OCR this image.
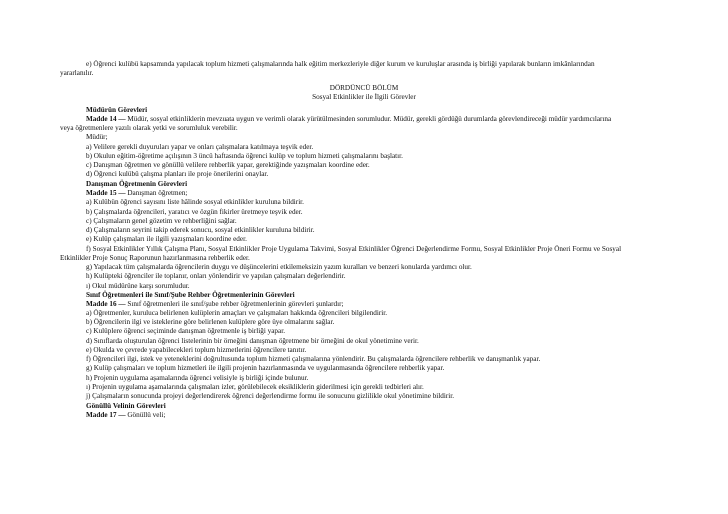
e) Öğrenci kulübü kapsamında yapılacak toplum hizmeti çalışmalarında halk eğitim merkezleriyle diğer kurum ve kuruluşlar arasında iş birliği yapılarak bunların imkânlarından
yararlanılır.
DÖRDÜNCÜ BÖLÜM
Sosyal Etkinlikler ile İlgili Görevler
Müdürün Görevleri
Madde 14 — Müdür, sosyal etkinliklerin mevzuata uygun ve verimli olarak yürütülmesinden sorumludur. Müdür, gerekli gördüğü durumlarda görevlendireceği müdür yardımcılarına
veya öğretmenlere yazılı olarak yetki ve sorumluluk verebilir.
Müdür;
a) Velilere gerekli duyuruları yapar ve onları çalışmalara katılmaya teşvik eder.
b) Okulun eğitim-öğretime açılışının 3 üncü haftasında öğrenci kulüp ve toplum hizmeti çalışmalarını başlatır.
c) Danışman öğretmen ve gönüllü velilere rehberlik yapar, gerektiğinde yazışmaları koordine eder.
d) Öğrenci kulübü çalışma planları ile proje önerilerini onaylar.
Danışman Öğretmenin Görevleri
Madde 15 — Danışman öğretmen;
a) Kulübün öğrenci sayısını liste hâlinde sosyal etkinlikler kuruluna bildirir.
b) Çalışmalarda öğrencileri, yaratıcı ve özgün fikirler üretmeye teşvik eder.
c) Çalışmaların genel gözetim ve rehberliğini sağlar.
d) Çalışmaların seyrini takip ederek sonucu, sosyal etkinlikler kuruluna bildirir.
e) Kulüp çalışmaları ile ilgili yazışmaları koordine eder.
f) Sosyal Etkinlikler Yıllık Çalışma Planı, Sosyal Etkinlikler Proje Uygulama Takvimi, Sosyal Etkinlikler Öğrenci Değerlendirme Formu, Sosyal Etkinlikler Proje Öneri Formu ve Sosyal
Etkinlikler Proje Sonuç Raporunun hazırlanmasına rehberlik eder.
g) Yapılacak tüm çalışmalarda öğrencilerin duygu ve düşüncelerini etkilemeksizin yazım kuralları ve benzeri konularda yardımcı olur.
h) Kulüpteki öğrenciler ile toplanır, onları yönlendirir ve yapılan çalışmaları değerlendirir.
ı) Okul müdürüne karşı sorumludur.
Sınıf Öğretmenleri ile Sınıf/Şube Rehber Öğretmenlerinin Görevleri
Madde 16 — Sınıf öğretmenleri ile sınıf/şube rehber öğretmenlerinin görevleri şunlardır;
a) Öğretmenler, kuruluca belirlenen kulüplerin amaçları ve çalışmaları hakkında öğrencileri bilgilendirir.
b) Öğrencilerin ilgi ve isteklerine göre belirlenen kulüplere göre üye olmalarını sağlar.
c) Kulüplere öğrenci seçiminde danışman öğretmenle iş birliği yapar.
d) Sınıflarda oluşturulan öğrenci listelerinin bir örneğini danışman öğretmene bir örneğini de okul yönetimine verir.
e) Okulda ve çevrede yapabilecekleri toplum hizmetlerini öğrencilere tanıtır.
f) Öğrencileri ilgi, istek ve yeteneklerini doğrultusunda toplum hizmeti çalışmalarına yönlendirir. Bu çalışmalarda öğrencilere rehberlik ve danışmanlık yapar.
g) Kulüp çalışmaları ve toplum hizmetleri ile ilgili projenin hazırlanmasında ve uygulanmasında öğrencilere rehberlik yapar.
h) Projenin uygulama aşamalarında öğrenci velisiyle iş birliği içinde bulunur.
ı) Projenin uygulama aşamalarında çalışmaları izler, görülebilecek eksikliklerin giderilmesi için gerekli tedbirleri alır.
j) Çalışmaların sonucunda projeyi değerlendirerek öğrenci değerlendirme formu ile sonucunu gizlilikle okul yönetimine bildirir.
Gönüllü Velinin Görevleri
Madde 17 — Gönüllü veli;
